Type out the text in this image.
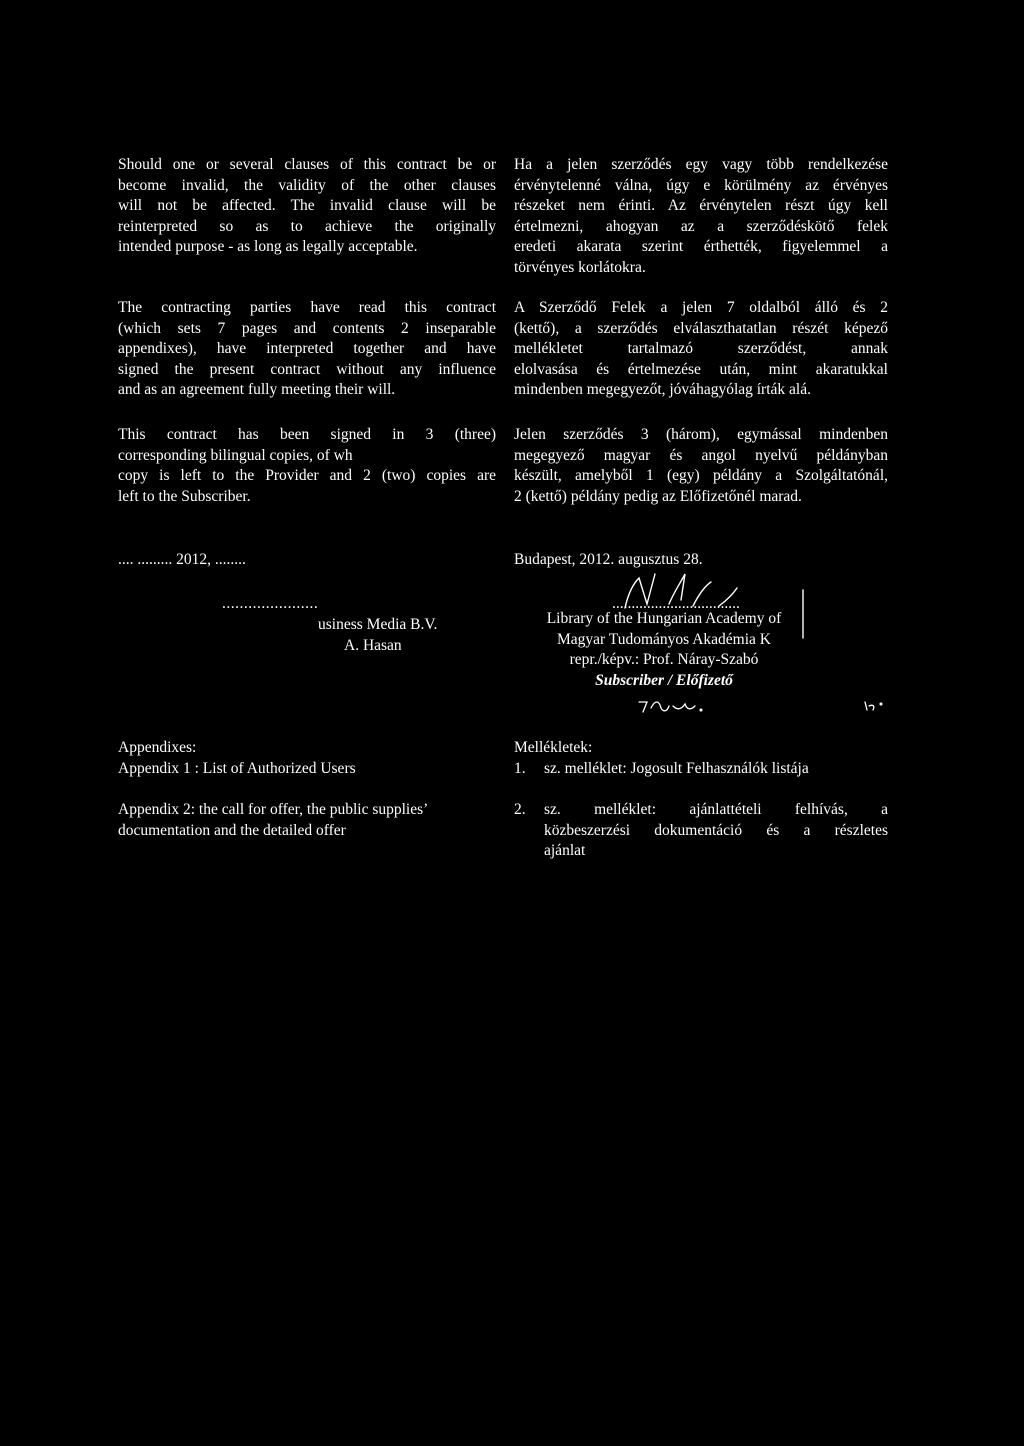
Should one or several clauses of this contract be or
become invalid, the validity of the other clauses
will not be affected. The invalid clause will be
reinterpreted so as to achieve the originally
intended purpose - as long as legally acceptable.
The contracting parties have read this contract
(which sets 7 pages and contents 2 inseparable
appendixes), have interpreted together and have
signed the present contract without any influence
and as an agreement fully meeting their will.
This contract has been signed in 3 (three)
corresponding bilingual copies, of wh
copy is left to the Provider and 2 (two) copies are
left to the Subscriber.
.... ......... 2012, ........
......................
usiness Media B.V.
A. Hasan
Appendixes:
Appendix 1 : List of Authorized Users
Appendix 2: the call for offer, the public supplies’
documentation and the detailed offer
Ha a jelen szerződés egy vagy több rendelkezése
érvénytelenné válna, úgy e körülmény az érvényes
részeket nem érinti. Az érvénytelen részt úgy kell
értelmezni, ahogyan az a szerződéskötő felek
eredeti akarata szerint érthették, figyelemmel a
törvényes korlátokra.
A Szerződő Felek a jelen 7 oldalból álló és 2
(kettő), a szerződés elválaszthatatlan részét képező
mellékletet tartalmazó szerződést, annak
elolvasása és értelmezése után, mint akaratukkal
mindenben megegyezőt, jóváhagyólag írták alá.
Jelen szerződés 3 (három), egymással mindenben
megegyező magyar és angol nyelvű példányban
készült, amelyből 1 (egy) példány a Szolgáltatónál,
2 (kettő) példány pedig az Előfizetőnél marad.
Budapest, 2012. augusztus 28.
.................................
Library of the Hungarian Academy of
Magyar Tudományos Akadémia K
repr./képv.: Prof. Náray-Szabó
Subscriber / Előfizető
Mellékletek:
1. sz. melléklet: Jogosult Felhasználók listája
2. sz. melléklet: ajánlattételi felhívás, a
közbeszerzési dokumentáció és a részletes
ajánlat
